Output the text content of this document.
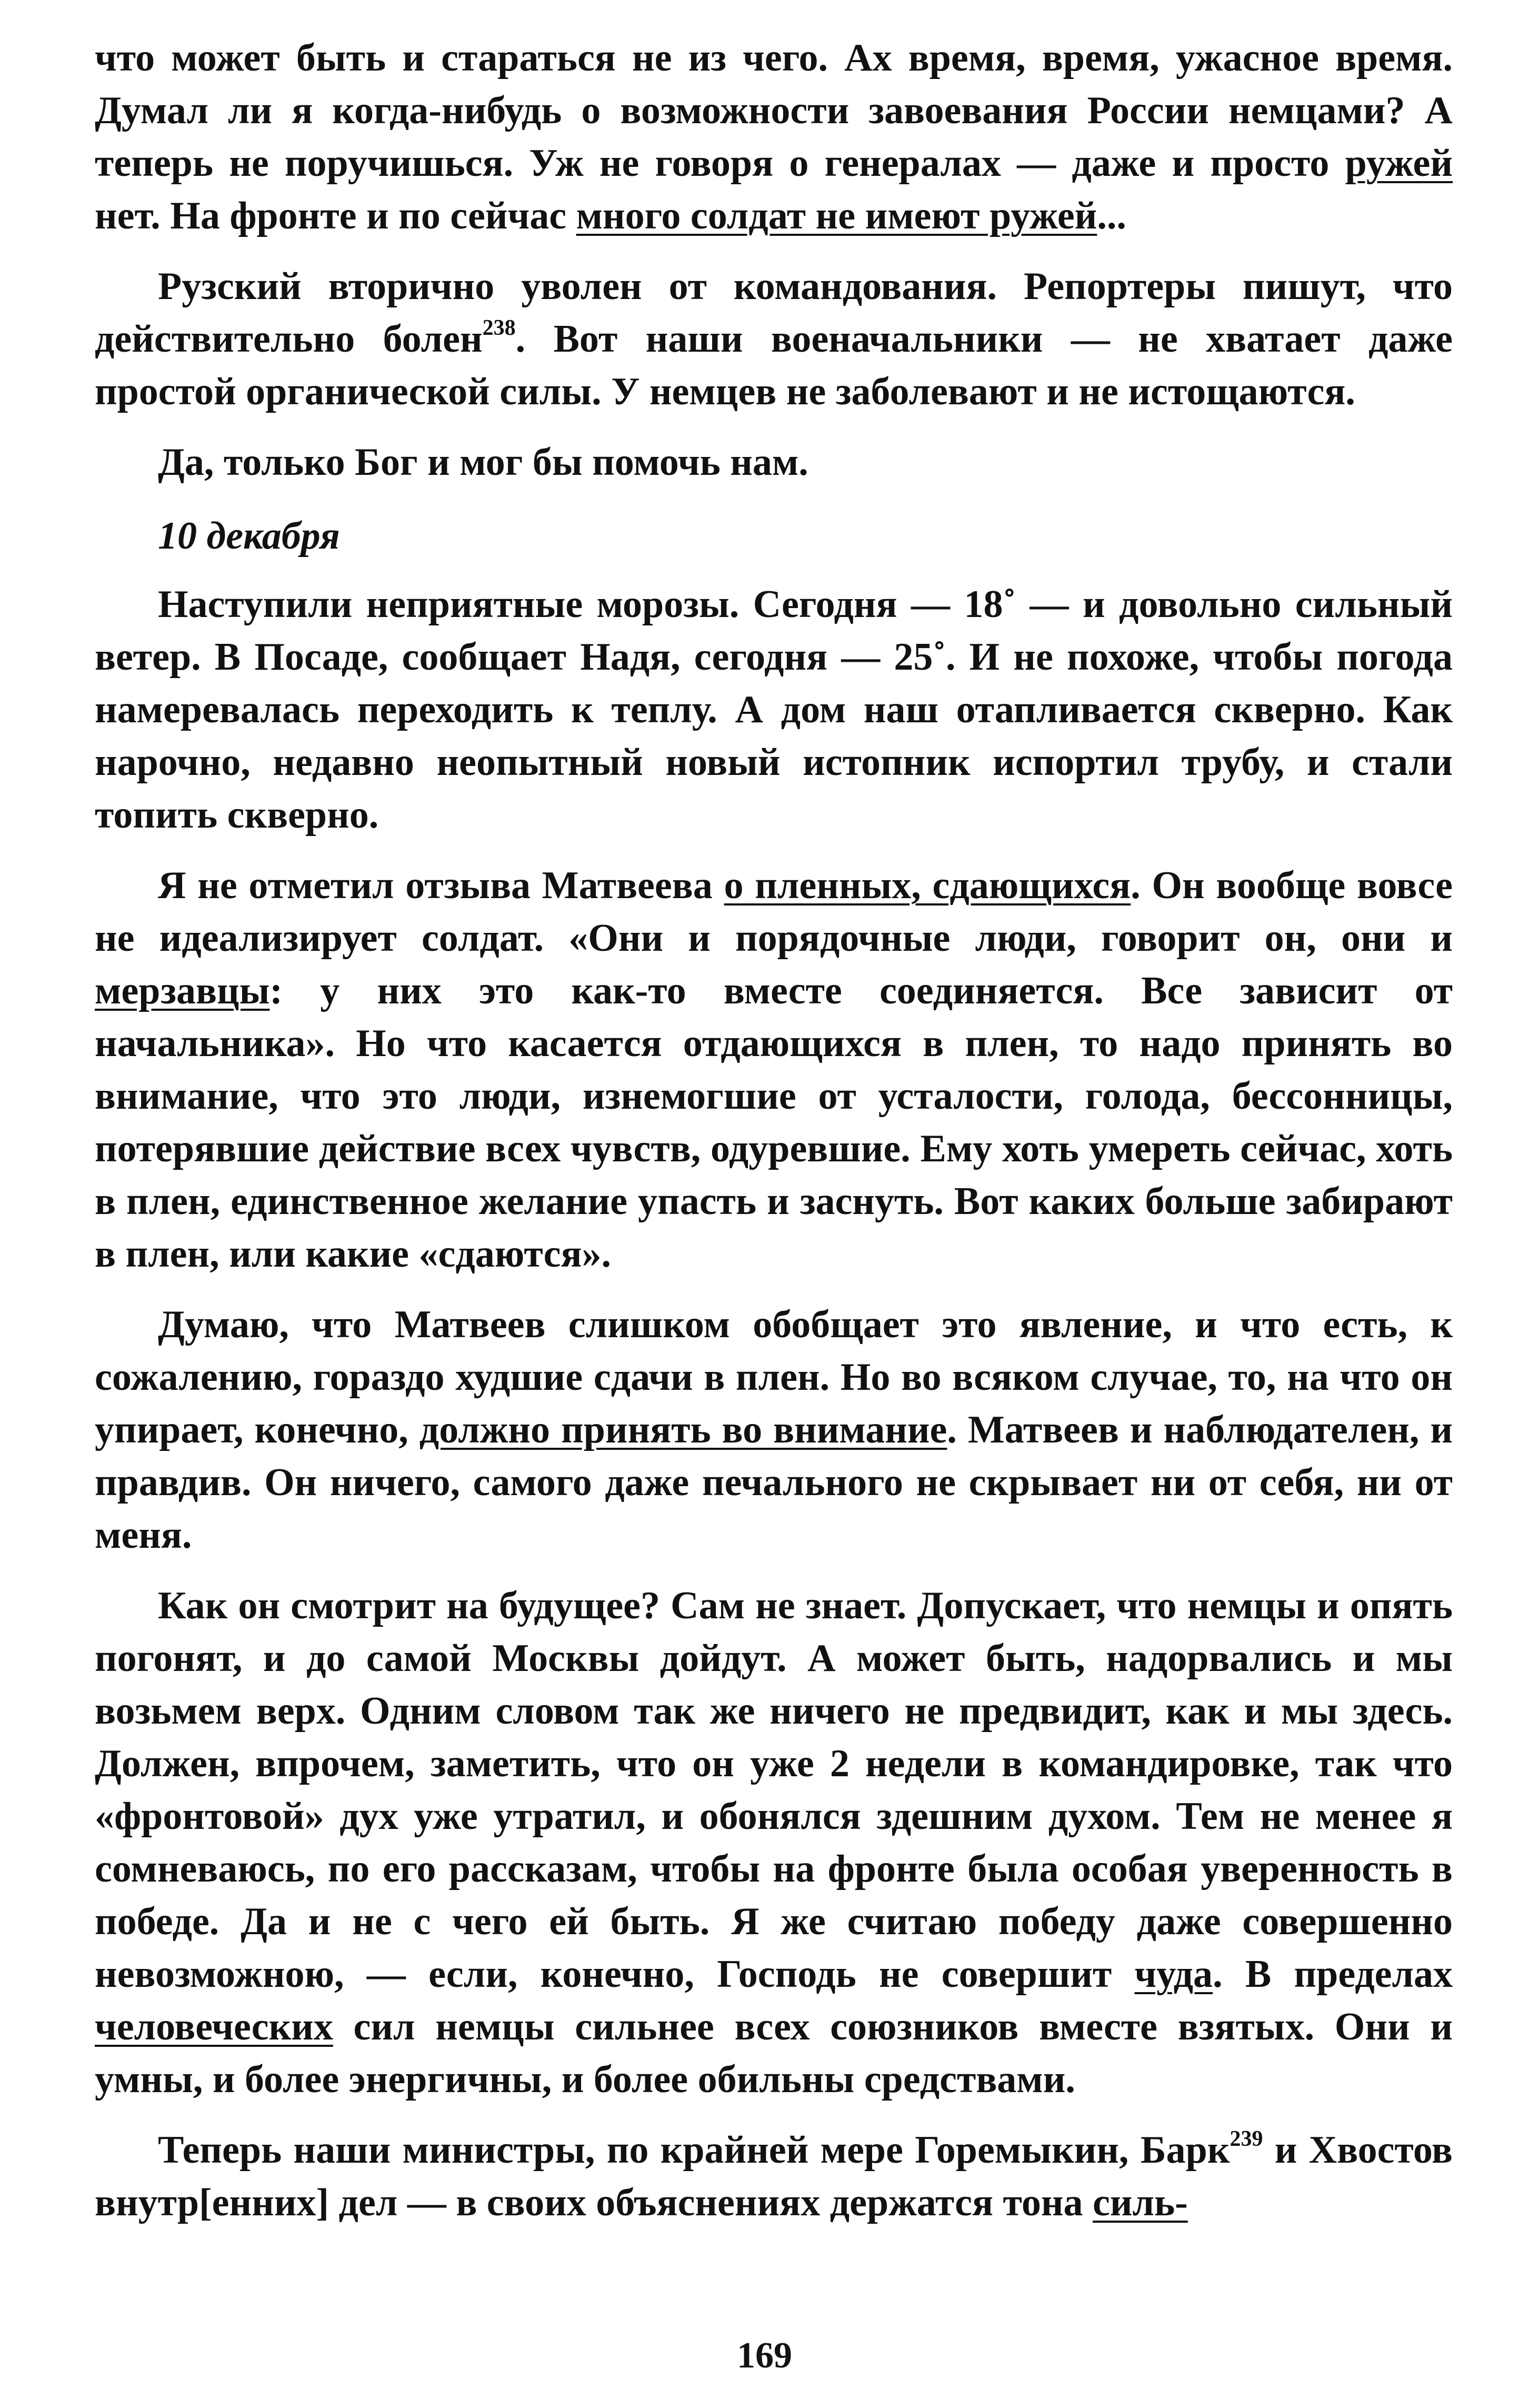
что может быть и стараться не из чего. Ах время, время, ужасное время. Думал ли я когда-нибудь о возможности завоевания России немцами? А теперь не поручишься. Уж не говоря о генералах — даже и просто ружей нет. На фронте и по сейчас много солдат не имеют ружей...

Рузский вторично уволен от командования. Репортеры пишут, что действительно болен$^{238}$. Вот наши военачальники — не хватает даже простой органической силы. У немцев не заболевают и не истощаются.

Да, только Бог и мог бы помочь нам.

10 декабря

Наступили неприятные морозы. Сегодня — 18˚ — и довольно сильный ветер. В Посаде, сообщает Надя, сегодня — 25˚. И не похоже, чтобы погода намеревалась переходить к теплу. А дом наш отапливается скверно. Как нарочно, недавно неопытный новый истопник испортил трубу, и стали топить скверно.

Я не отметил отзыва Матвеева о пленных, сдающихся. Он вообще вовсе не идеализирует солдат. «Они и порядочные люди, говорит он, они и мерзавцы: у них это как-то вместе соединяется. Все зависит от начальника». Но что касается отдающихся в плен, то надо принять во внимание, что это люди, изнемогшие от усталости, голода, бессонницы, потерявшие действие всех чувств, одуревшие. Ему хоть умереть сейчас, хоть в плен, единственное желание упасть и заснуть. Вот каких больше забирают в плен, или какие «сдаются».

Думаю, что Матвеев слишком обобщает это явление, и что есть, к сожалению, гораздо худшие сдачи в плен. Но во всяком случае, то, на что он упирает, конечно, должно принять во внимание. Матвеев и наблюдателен, и правдив. Он ничего, самого даже печального не скрывает ни от себя, ни от меня.

Как он смотрит на будущее? Сам не знает. Допускает, что немцы и опять погонят, и до самой Москвы дойдут. А может быть, надорвались и мы возьмем верх. Одним словом так же ничего не предвидит, как и мы здесь. Должен, впрочем, заметить, что он уже 2 недели в командировке, так что «фронтовой» дух уже утратил, и обонялся здешним духом. Тем не менее я сомневаюсь, по его рассказам, чтобы на фронте была особая уверенность в победе. Да и не с чего ей быть. Я же считаю победу даже совершенно невозможною, — если, конечно, Господь не совершит чуда. В пределах человеческих сил немцы сильнее всех союзников вместе взятых. Они и умны, и более энергичны, и более обильны средствами.

Теперь наши министры, по крайней мере Горемыкин, Барк$^{239}$ и Хвостов внутр[енних] дел — в своих объяснениях держатся тона силь-

169
